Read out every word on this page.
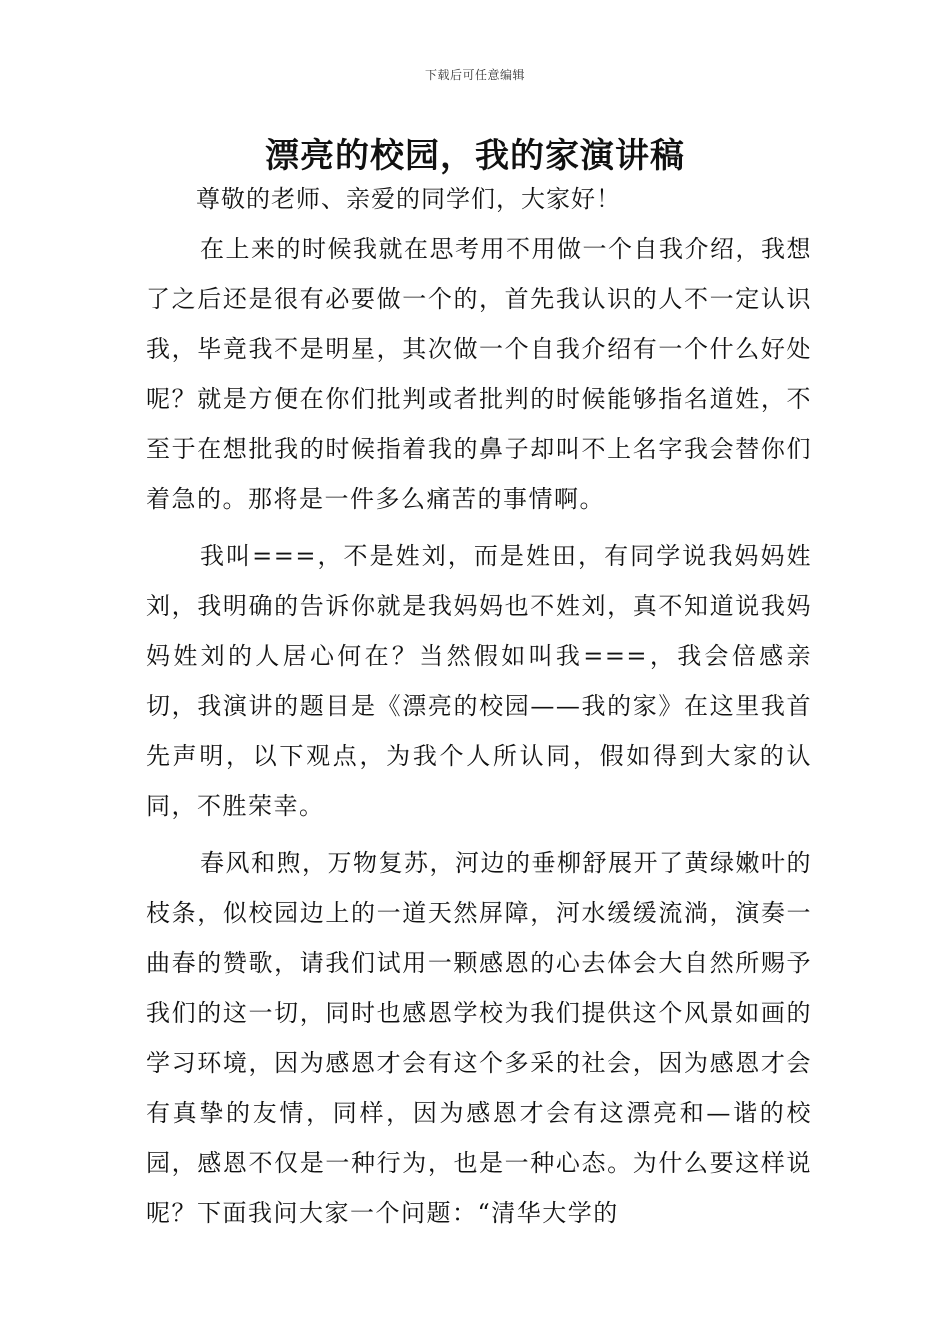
下载后可任意编辑
漂亮的校园，我的家演讲稿
尊敬的老师、亲爱的同学们，大家好！

在上来的时候我就在思考用不用做一个自我介绍，我想了之后还是很有必要做一个的，首先我认识的人不一定认识我，毕竟我不是明星，其次做一个自我介绍有一个什么好处呢？就是方便在你们批判或者批判的时候能够指名道姓，不至于在想批我的时候指着我的鼻子却叫不上名字我会替你们着急的。那将是一件多么痛苦的事情啊。

我叫===，不是姓刘，而是姓田，有同学说我妈妈姓刘，我明确的告诉你就是我妈妈也不姓刘，真不知道说我妈妈姓刘的人居心何在？当然假如叫我===，我会倍感亲切，我演讲的题目是《漂亮的校园——我的家》在这里我首先声明，以下观点，为我个人所认同，假如得到大家的认同，不胜荣幸。

春风和煦，万物复苏，河边的垂柳舒展开了黄绿嫩叶的枝条，似校园边上的一道天然屏障，河水缓缓流淌，演奏一曲春的赞歌，请我们试用一颗感恩的心去体会大自然所赐予我们的这一切，同时也感恩学校为我们提供这个风景如画的学习环境，因为感恩才会有这个多采的社会，因为感恩才会有真挚的友情，同样，因为感恩才会有这漂亮和—谐的校园，感恩不仅是一种行为，也是一种心态。为什么要这样说呢？下面我问大家一个问题：“清华大学的
